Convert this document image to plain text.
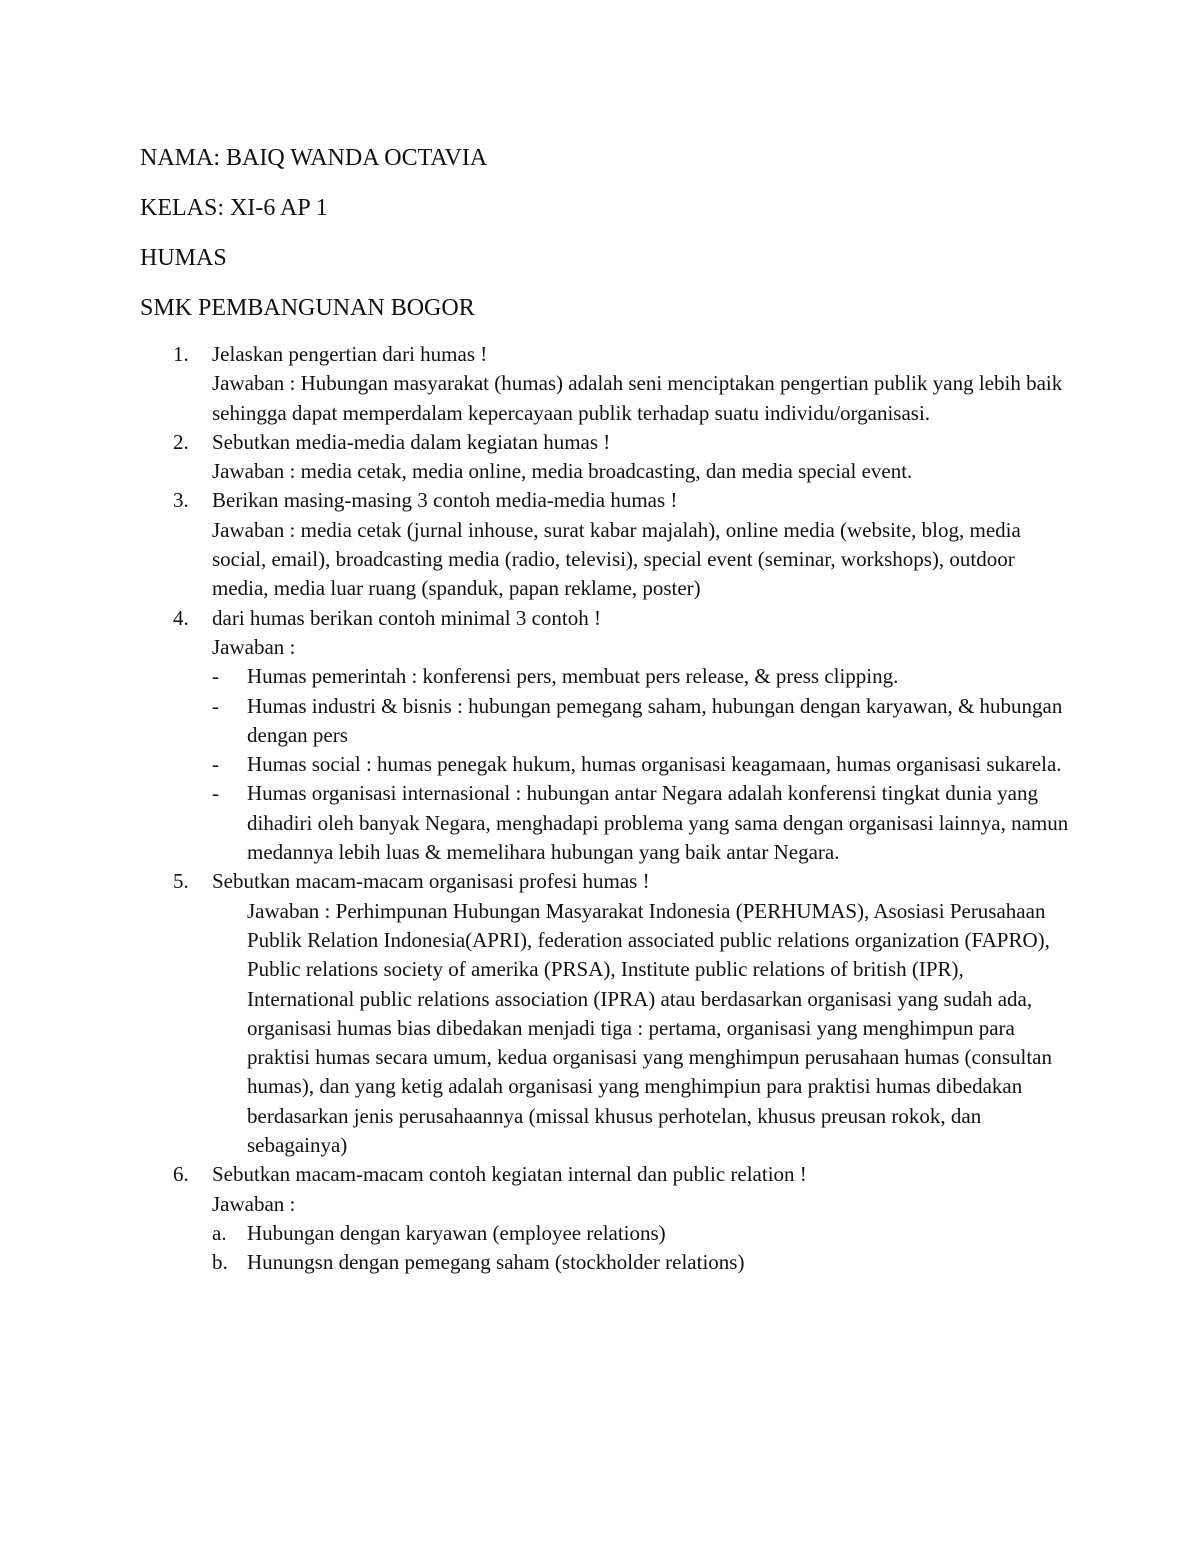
NAMA: BAIQ WANDA OCTAVIA
KELAS: XI-6 AP 1
HUMAS
SMK PEMBANGUNAN BOGOR
1. Jelaskan pengertian dari humas !
Jawaban : Hubungan masyarakat (humas) adalah seni menciptakan pengertian publik yang lebih baik sehingga dapat memperdalam kepercayaan publik terhadap suatu individu/organisasi.
2. Sebutkan media-media dalam kegiatan humas !
Jawaban : media cetak, media online, media broadcasting, dan media special event.
3. Berikan masing-masing 3 contoh media-media humas !
Jawaban : media cetak (jurnal inhouse, surat kabar majalah), online media (website, blog, media social, email), broadcasting media (radio, televisi), special event (seminar, workshops), outdoor media, media luar ruang (spanduk, papan reklame, poster)
4. dari humas berikan contoh minimal 3 contoh !
Jawaban :
- Humas pemerintah : konferensi pers, membuat pers release, & press clipping.
- Humas industri & bisnis : hubungan pemegang saham, hubungan dengan karyawan, & hubungan dengan pers
- Humas social : humas penegak hukum, humas organisasi keagamaan, humas organisasi sukarela.
- Humas organisasi internasional : hubungan antar Negara adalah konferensi tingkat dunia yang dihadiri oleh banyak Negara, menghadapi problema yang sama dengan organisasi lainnya, namun medannya lebih luas & memelihara hubungan yang baik antar Negara.
5. Sebutkan macam-macam organisasi profesi humas !
Jawaban : Perhimpunan Hubungan Masyarakat Indonesia (PERHUMAS), Asosiasi Perusahaan Publik Relation Indonesia(APRI), federation associated public relations organization (FAPRO), Public relations society of amerika (PRSA), Institute public relations of british (IPR), International public relations association (IPRA) atau berdasarkan organisasi yang sudah ada, organisasi humas bias dibedakan menjadi tiga : pertama, organisasi yang menghimpun para praktisi humas secara umum, kedua organisasi yang menghimpun perusahaan humas (consultan humas), dan yang ketig adalah organisasi yang menghimpiun para praktisi humas dibedakan berdasarkan jenis perusahaannya (missal khusus perhotelan, khusus preusan rokok, dan sebagainya)
6. Sebutkan macam-macam contoh kegiatan internal dan public relation !
Jawaban :
a. Hubungan dengan karyawan (employee relations)
b. Hunungsn dengan pemegang saham (stockholder relations)
